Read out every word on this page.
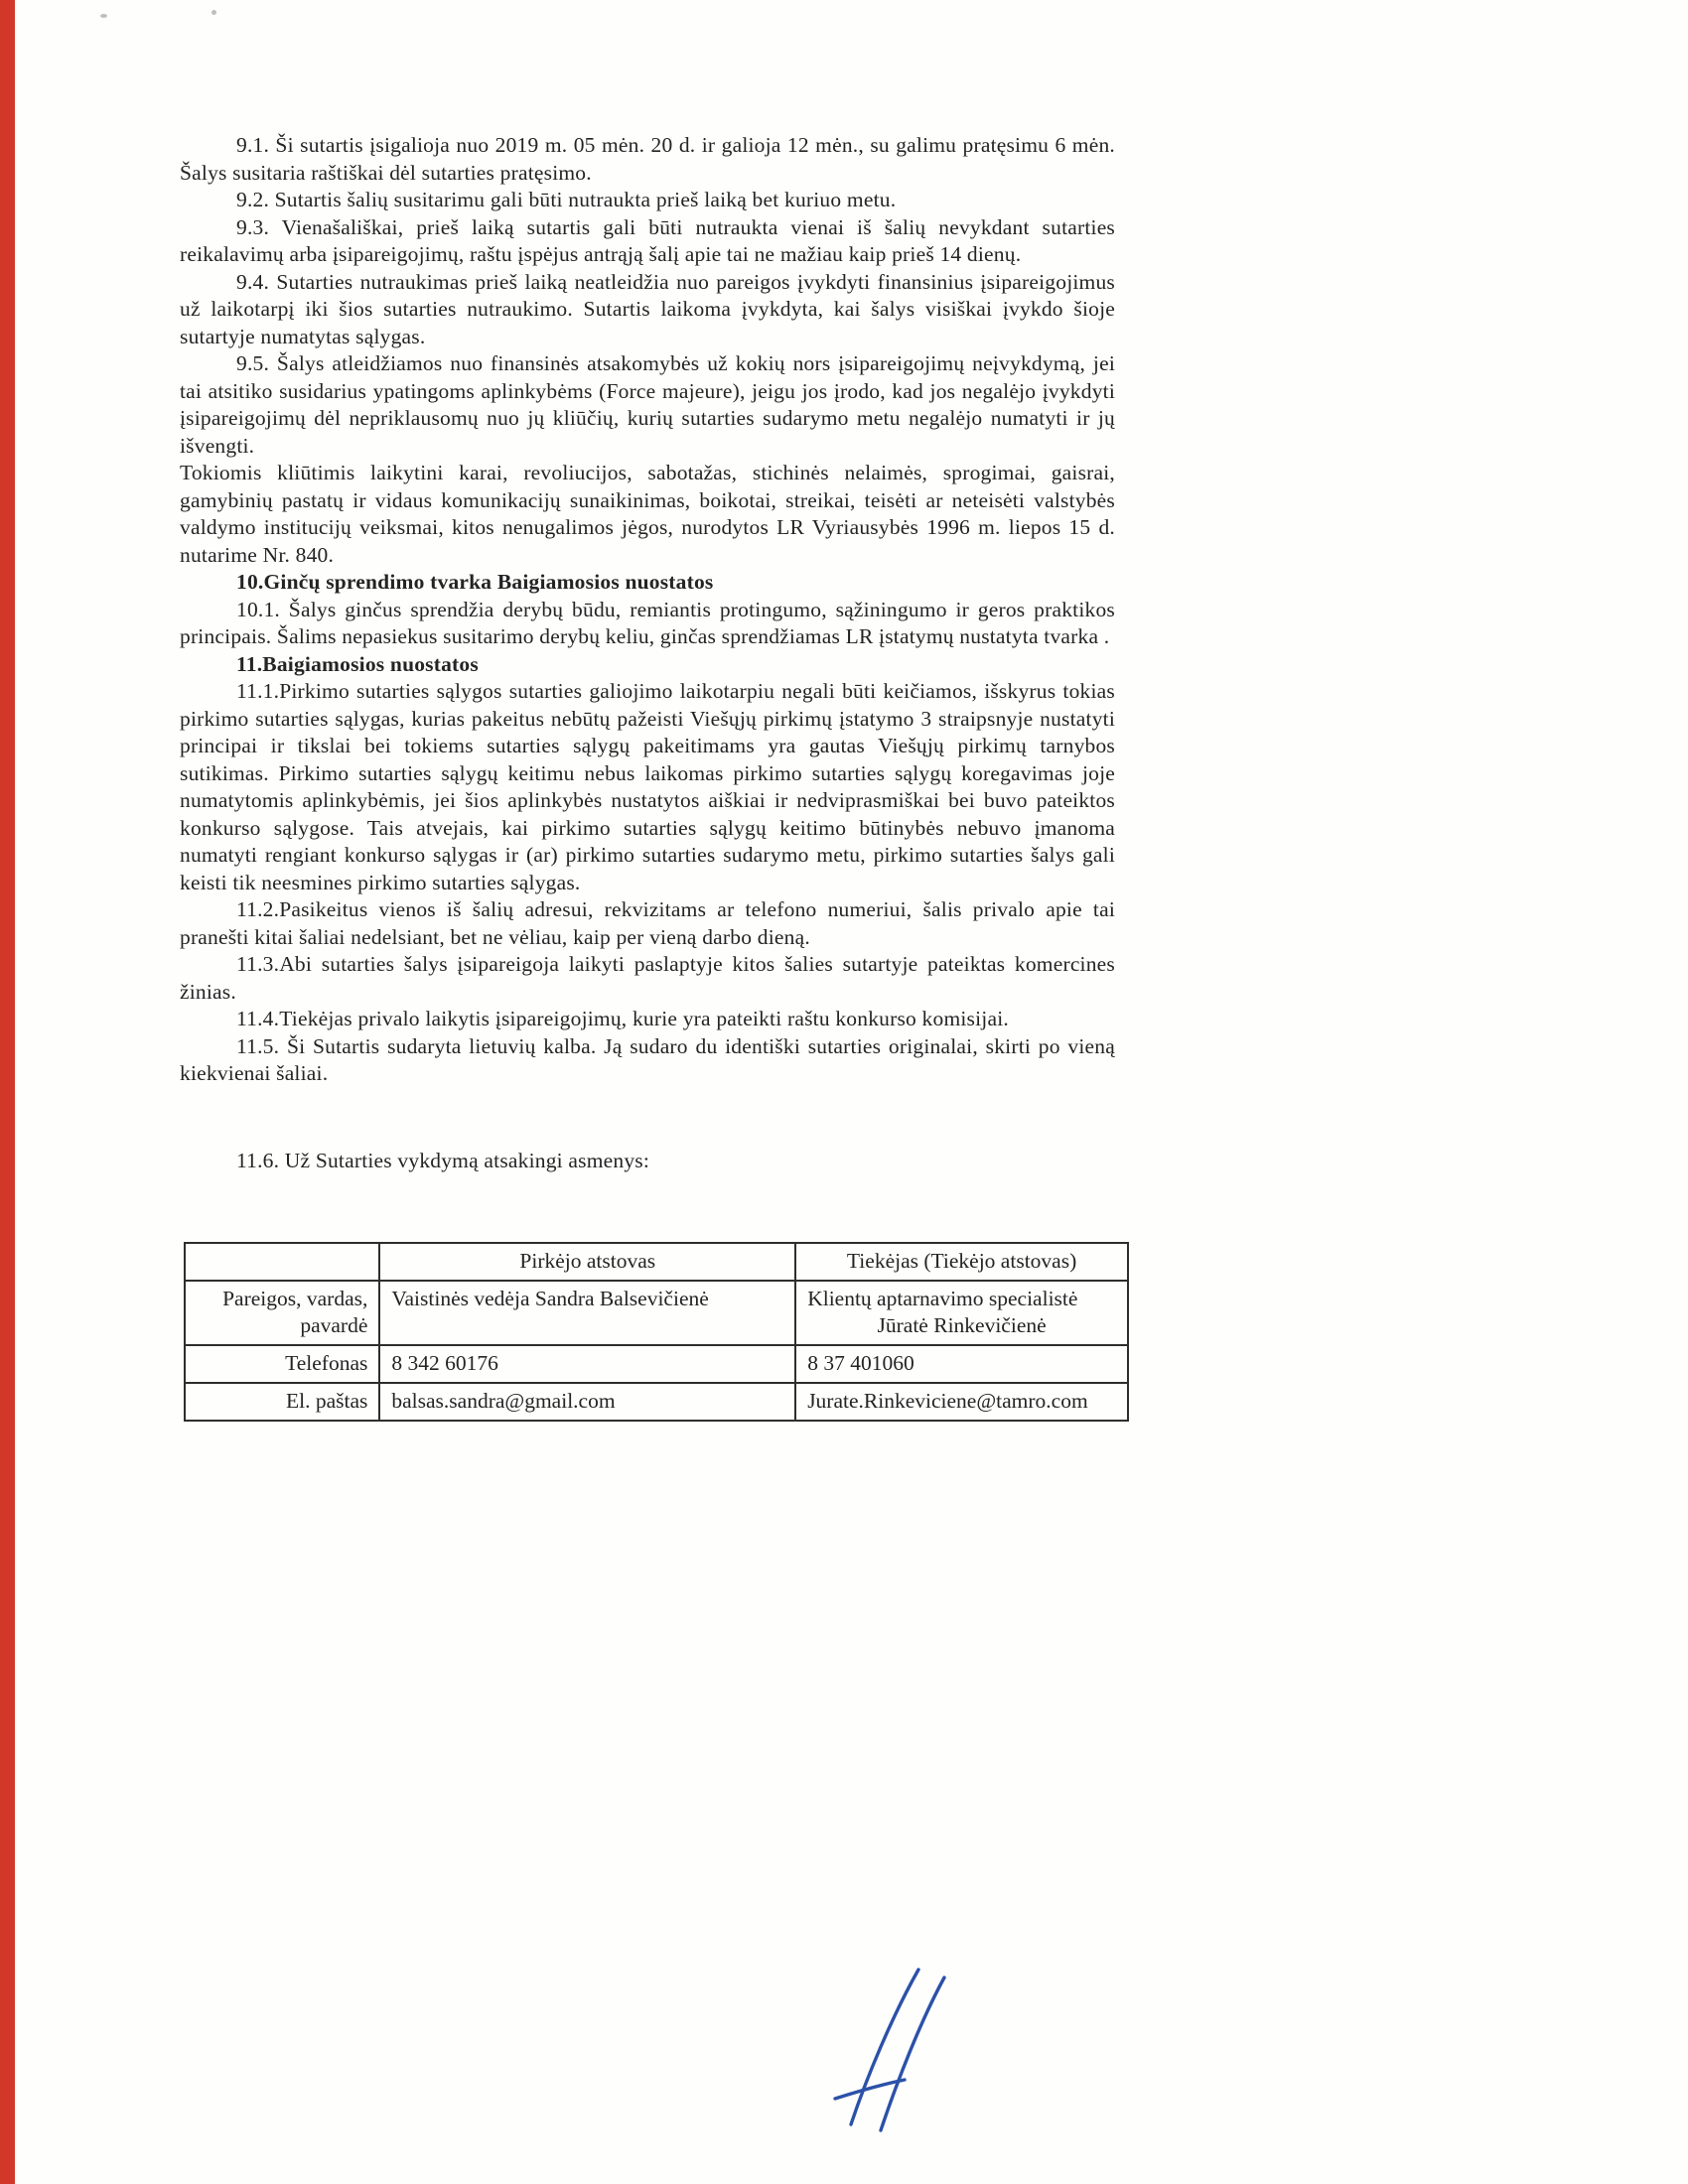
9.1. Ši sutartis įsigalioja nuo 2019 m. 05 mėn. 20 d. ir galioja 12 mėn., su galimu pratęsimu 6 mėn. Šalys susitaria raštiškai dėl sutarties pratęsimo.

9.2. Sutartis šalių susitarimu gali būti nutraukta prieš laiką bet kuriuo metu.

9.3. Vienašališkai, prieš laiką sutartis gali būti nutraukta vienai iš šalių nevykdant sutarties reikalavimų arba įsipareigojimų, raštu įspėjus antrąją šalį apie tai ne mažiau kaip prieš 14 dienų.

9.4. Sutarties nutraukimas prieš laiką neatleidžia nuo pareigos įvykdyti finansinius įsipareigojimus už laikotarpį iki šios sutarties nutraukimo. Sutartis laikoma įvykdyta, kai šalys visiškai įvykdo šioje sutartyje numatytas sąlygas.

9.5. Šalys atleidžiamos nuo finansinės atsakomybės už kokių nors įsipareigojimų neįvykdymą, jei tai atsitiko susidarius ypatingoms aplinkybėms (Force majeure), jeigu jos įrodo, kad jos negalėjo įvykdyti įsipareigojimų dėl nepriklausomų nuo jų kliūčių, kurių sutarties sudarymo metu negalėjo numatyti ir jų išvengti.

Tokiomis kliūtimis laikytini karai, revoliucijos, sabotažas, stichinės nelaimės, sprogimai, gaisrai, gamybinių pastatų ir vidaus komunikacijų sunaikinimas, boikotai, streikai, teisėti ar neteisėti valstybės valdymo institucijų veiksmai, kitos nenugalimos jėgos, nurodytos LR Vyriausybės 1996 m. liepos 15 d. nutarime Nr. 840.

10.Ginčų sprendimo tvarka Baigiamosios nuostatos

10.1. Šalys ginčus sprendžia derybų būdu, remiantis protingumo, sąžiningumo ir geros praktikos principais. Šalims nepasiekus susitarimo derybų keliu, ginčas sprendžiamas LR įstatymų nustatyta tvarka .

11.Baigiamosios nuostatos

11.1.Pirkimo sutarties sąlygos sutarties galiojimo laikotarpiu negali būti keičiamos, išskyrus tokias pirkimo sutarties sąlygas, kurias pakeitus nebūtų pažeisti Viešųjų pirkimų įstatymo 3 straipsnyje nustatyti principai ir tikslai bei tokiems sutarties sąlygų pakeitimams yra gautas Viešųjų pirkimų tarnybos sutikimas. Pirkimo sutarties sąlygų keitimu nebus laikomas pirkimo sutarties sąlygų koregavimas joje numatytomis aplinkybėmis, jei šios aplinkybės nustatytos aiškiai ir nedviprasmiškai bei buvo pateiktos konkurso sąlygose. Tais atvejais, kai pirkimo sutarties sąlygų keitimo būtinybės nebuvo įmanoma numatyti rengiant konkurso sąlygas ir (ar) pirkimo sutarties sudarymo metu, pirkimo sutarties šalys gali keisti tik neesmines pirkimo sutarties sąlygas.

11.2.Pasikeitus vienos iš šalių adresui, rekvizitams ar telefono numeriui, šalis privalo apie tai pranešti kitai šaliai nedelsiant, bet ne vėliau, kaip per vieną darbo dieną.

11.3.Abi sutarties šalys įsipareigoja laikyti paslaptyje kitos šalies sutartyje pateiktas komercines žinias.

11.4.Tiekėjas privalo laikytis įsipareigojimų, kurie yra pateikti raštu konkurso komisijai.

11.5. Ši Sutartis sudaryta lietuvių kalba. Ją sudaro du identiški sutarties originalai, skirti po vieną kiekvienai šaliai.

11.6. Už Sutarties vykdymą atsakingi asmenys:

	Pirkėjo atstovas	Tiekėjas (Tiekėjo atstovas)
Pareigos, vardas, pavardė	Vaistinės vedėja Sandra Balsevičienė	Klientų aptarnavimo specialistė
Jūratė Rinkevičienė

Telefonas	8 342 60176	8 37 401060
El. paštas	balsas.sandra@gmail.com	Jurate.Rinkeviciene@tamro.com
